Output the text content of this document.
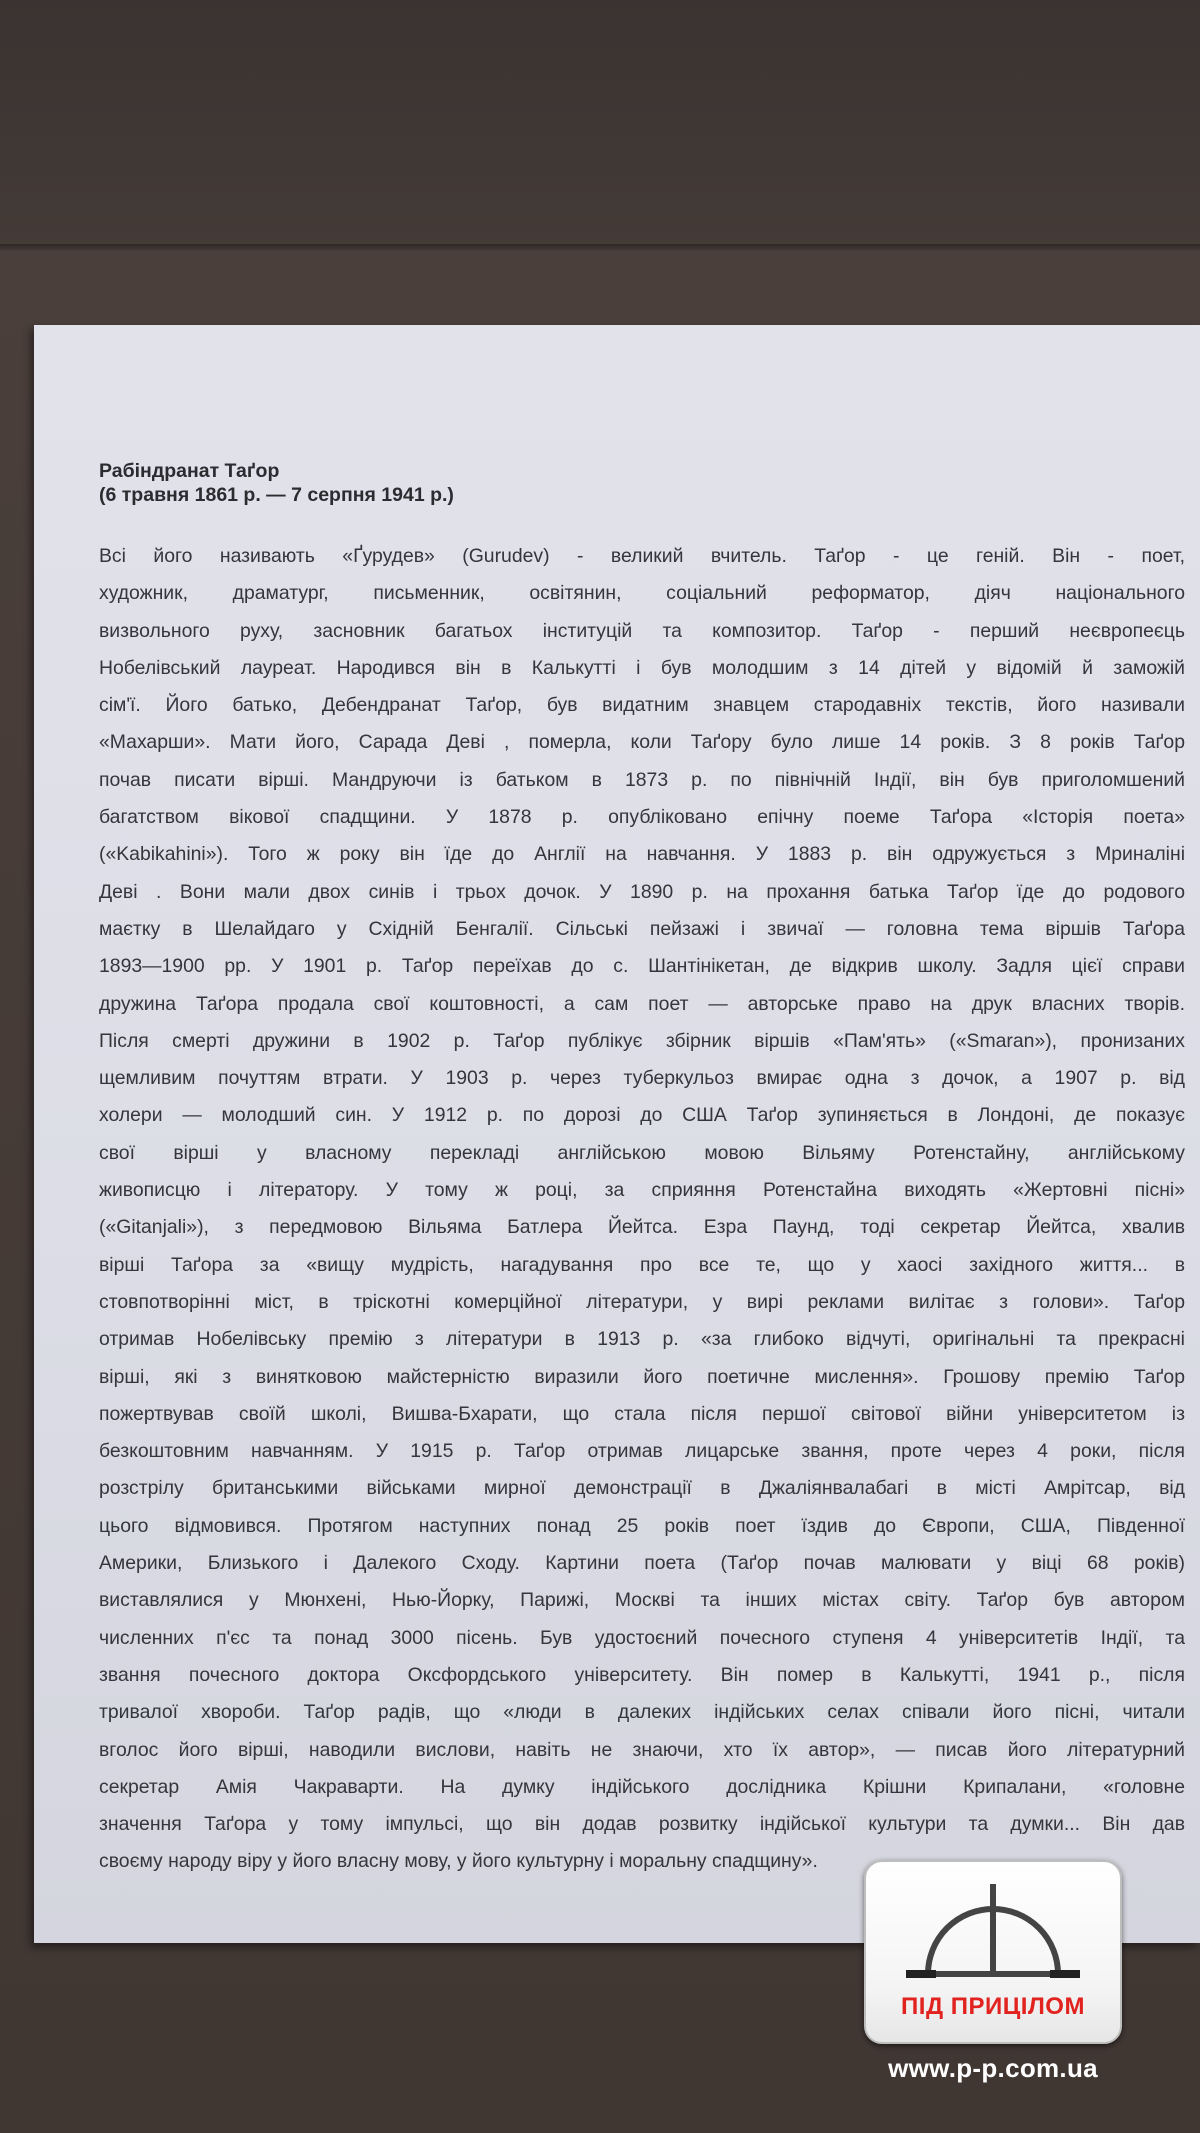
Рабіндранат Таґор
(6 травня 1861 р. — 7 серпня 1941 р.)
Всі його називають «Ґурудев» (Gurudev) - великий вчитель. Таґор - це геній. Він - поет,
художник, драматург, письменник, освітянин, соціальний реформатор, діяч національного
визвольного руху, засновник багатьох інституцій та композитор. Таґор - перший неєвропеєць
Нобелівський лауреат. Народився він в Калькутті і був молодшим з 14 дітей у відомій й заможій
сім'ї. Його батько, Дебендранат Таґор, був видатним знавцем стародавніх текстів, його називали
«Махарши». Мати його, Сарада Деві , померла, коли Таґору було лише 14 років. З 8 років Таґор
почав писати вірші. Мандруючи із батьком в 1873 р. по північній Індії, він був приголомшений
багатством вікової спадщини. У 1878 р. опубліковано епічну поеме Таґора «Історія поета»
(«Kabikahini»). Того ж року він їде до Англії на навчання. У 1883 р. він одружується з Мриналіні
Деві . Вони мали двох синів і трьох дочок. У 1890 р. на прохання батька Таґор їде до родового
маєтку в Шелайдаго у Східній Бенгалії. Сільські пейзажі і звичаї — головна тема віршів Таґора
1893—1900 рр. У 1901 р. Таґор переїхав до с. Шантінікетан, де відкрив школу. Задля цієї справи
дружина Таґора продала свої коштовності, а сам поет — авторське право на друк власних творів.
Після смерті дружини в 1902 р. Таґор публікує збірник віршів «Пам'ять» («Smaran»), пронизаних
щемливим почуттям втрати. У 1903 р. через туберкульоз вмирає одна з дочок, а 1907 р. від
холери — молодший син. У 1912 р. по дорозі до США Таґор зупиняється в Лондоні, де показує
свої вірші у власному перекладі англійською мовою Вільяму Ротенстайну, англійському
живописцю і літератору. У тому ж році, за сприяння Ротенстайна виходять «Жертовні пісні»
(«Gitanjali»), з передмовою Вільяма Батлера Йейтса. Езра Паунд, тоді секретар Йейтса, хвалив
вірші Таґора за «вищу мудрість, нагадування про все те, що у хаосі західного життя... в
стовпотворінні міст, в тріскотні комерційної літератури, у вирі реклами вилітає з голови». Таґор
отримав Нобелівську премію з літератури в 1913 р. «за глибоко відчуті, оригінальні та прекрасні
вірші, які з винятковою майстерністю виразили його поетичне мислення». Грошову премію Таґор
пожертвував своїй школі, Вишва-Бхарати, що стала після першої світової війни університетом із
безкоштовним навчанням. У 1915 р. Таґор отримав лицарське звання, проте через 4 роки, після
розстрілу британськими військами мирної демонстрації в Джаліянвалабагі в місті Амрітсар, від
цього відмовився. Протягом наступних понад 25 років поет їздив до Європи, США, Південної
Америки, Близького і Далекого Сходу. Картини поета (Таґор почав малювати у віці 68 років)
виставлялися у Мюнхені, Нью-Йорку, Парижі, Москві та інших містах світу. Таґор був автором
численних п'єс та понад 3000 пісень. Був удостоєний почесного ступеня 4 університетів Індії, та
звання почесного доктора Оксфордського університету. Він помер в Калькутті, 1941 р., після
тривалої хвороби. Таґор радів, що «люди в далеких індійських селах співали його пісні, читали
вголос його вірші, наводили вислови, навіть не знаючи, хто їх автор», — писав його літературний
секретар Амія Чакраварти. На думку індійського дослідника Крішни Крипалани, «головне
значення Таґора у тому імпульсі, що він додав розвитку індійської культури та думки... Він дав
своєму народу віру у його власну мову, у його культурну і моральну спадщину».
ПІД ПРИЦІЛОМ
www.p-p.com.ua
